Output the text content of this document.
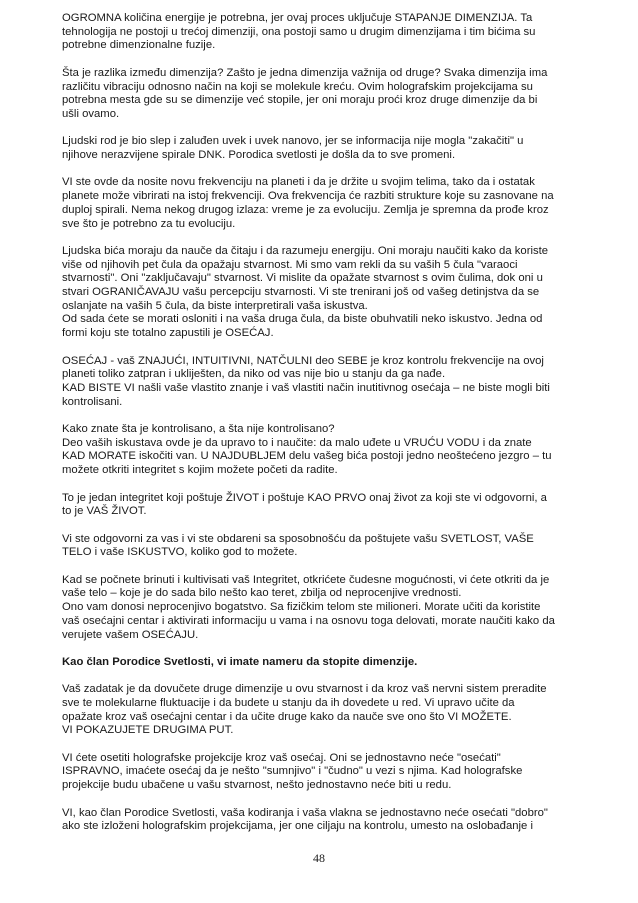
OGROMNA količina energije je potrebna, jer ovaj proces uključuje STAPANJE DIMENZIJA. Ta
tehnologija ne postoji u trećoj dimenziji, ona postoji samo u drugim dimenzijama i tim bićima su
potrebne dimenzionalne fuzije.

Šta je razlika između dimenzija? Zašto je jedna dimenzija važnija od druge? Svaka dimenzija ima
različitu vibraciju odnosno način na koji se molekule kreću. Ovim holografskim projekcijama su
potrebna mesta gde su se dimenzije već stopile, jer oni moraju proći kroz druge dimenzije da bi
ušli ovamo.

Ljudski rod je bio slep i zaluđen uvek i uvek nanovo, jer se informacija nije mogla "zakačiti" u
njihove nerazvijene spirale DNK. Porodica svetlosti je došla da to sve promeni.

VI ste ovde da nosite novu frekvenciju na planeti i da je držite u svojim telima, tako da i ostatak
planete može vibrirati na istoj frekvenciji. Ova frekvencija će razbiti strukture koje su zasnovane na
duploj spirali. Nema nekog drugog izlaza: vreme je za evoluciju. Zemlja je spremna da prođe kroz
sve što je potrebno za tu evoluciju.

Ljudska bića moraju da nauče da čitaju i da razumeju energiju. Oni moraju naučiti kako da koriste
više od njihovih pet čula da opažaju stvarnost. Mi smo vam rekli da su vaših 5 čula "varaoci
stvarnosti". Oni "zaključavaju" stvarnost. Vi mislite da opažate stvarnost s ovim čulima, dok oni u
stvari OGRANIČAVAJU vašu percepciju stvarnosti. Vi ste trenirani još od vašeg detinjstva da se
oslanjate na vaših 5 čula, da biste interpretirali vaša iskustva.
Od sada ćete se morati osloniti i na vaša druga čula, da biste obuhvatili neko iskustvo. Jedna od
formi koju ste totalno zapustili je OSEĆAJ.

OSEĆAJ - vaš ZNAJUĆI, INTUITIVNI, NATČULNI deo SEBE je kroz kontrolu frekvencije na ovoj
planeti toliko zatpran i ukliješten, da niko od vas nije bio u stanju da ga nađe.
KAD BISTE VI našli vaše vlastito znanje i vaš vlastiti način inutitivnog osećaja – ne biste mogli biti
kontrolisani.

Kako znate šta je kontrolisano, a šta nije kontrolisano?
Deo vaših iskustava ovde je da upravo to i naučite: da malo uđete u VRUĆU VODU i da znate
KAD MORATE iskočiti van. U NAJDUBLJEM delu vašeg bića postoji jedno neoštećeno jezgro – tu
možete otkriti integritet s kojim možete početi da radite.

To je jedan integritet koji poštuje ŽIVOT i poštuje KAO PRVO onaj život za koji ste vi odgovorni, a
to je VAŠ ŽIVOT.

Vi ste odgovorni za vas i vi ste obdareni sa sposobnošću da poštujete vašu SVETLOST, VAŠE
TELO i vaše ISKUSTVO, koliko god to možete.

Kad se počnete brinuti i kultivisati vaš Integritet, otkrićete čudesne mogućnosti, vi ćete otkriti da je
vaše telo – koje je do sada bilo nešto kao teret, zbilja od neprocenjive vrednosti.
Ono vam donosi neprocenjivo bogatstvo. Sa fizičkim telom ste milioneri. Morate učiti da koristite
vaš osećajni centar i aktivirati informaciju u vama i na osnovu toga delovati, morate naučiti kako da
verujete vašem OSEĆAJU.

Kao član Porodice Svetlosti, vi imate nameru da stopite dimenzije.

Vaš zadatak je da dovučete druge dimenzije u ovu stvarnost i da kroz vaš nervni sistem preradite
sve te molekularne fluktuacije i da budete u stanju da ih dovedete u red. Vi upravo učite da
opažate kroz vaš osećajni centar i da učite druge kako da nauče sve ono što VI MOŽETE.
VI POKAZUJETE DRUGIMA PUT.

VI ćete osetiti holografske projekcije kroz vaš osećaj. Oni se jednostavno neće "osećati"
ISPRAVNO, imaćete osećaj da je nešto "sumnjivo" i "čudno" u vezi s njima. Kad holografske
projekcije budu ubačene u vašu stvarnost, nešto jednostavno neće biti u redu.

VI, kao član Porodice Svetlosti, vaša kodiranja i vaša vlakna se jednostavno neće osećati "dobro"
ako ste izloženi holografskim projekcijama, jer one ciljaju na kontrolu, umesto na oslobađanje i

48
